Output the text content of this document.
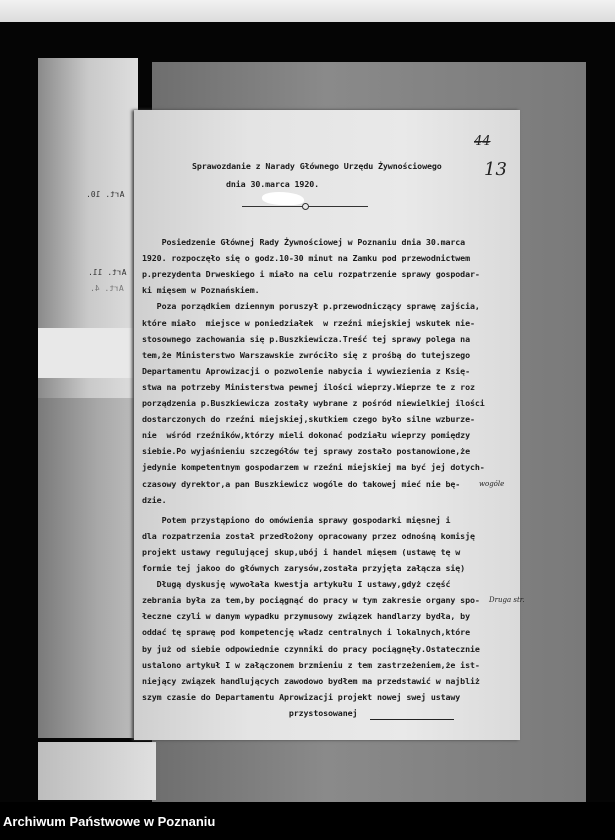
Art. 10.
Art. 11.
Art. 4.
44
13
Sprawozdanie z Narady Głównego Urzędu Żywnościowego
dnia 30.marca 1920.
Posiedzenie Głównej Rady Żywnościowej w Poznaniu dnia 30.marca
1920. rozpoczęło się o godz.10-30 minut na Zamku pod przewodnictwem
p.prezydenta Drweskiego i miało na celu rozpatrzenie sprawy gospodar-
ki mięsem w Poznańskiem.
Poza porządkiem dziennym poruszył p.przewodniczący sprawę zajścia,
które miało  miejsce w poniedziałek  w rzeźni miejskiej wskutek nie-
stosownego zachowania się p.Buszkiewicza.Treść tej sprawy polega na
tem,że Ministerstwo Warszawskie zwróciło się z prośbą do tutejszego
Departamentu Aprowizacji o pozwolenie nabycia i wywiezienia z Księ-
stwa na potrzeby Ministerstwa pewnej ilości wieprzy.Wieprze te z roz
porządzenia p.Buszkiewicza zostały wybrane z pośród niewielkiej ilości
dostarczonych do rzeźni miejskiej,skutkiem czego było silne wzburze-
nie  wśród rzeźników,którzy mieli dokonać podziału wieprzy pomiędzy
siebie.Po wyjaśnieniu szczegółów tej sprawy zostało postanowione,że
jedynie kompetentnym gospodarzem w rzeźni miejskiej ma być jej dotych-
czasowy dyrektor,a pan Buszkiewicz wogóle do takowej mieć nie bę-
dzie.
Potem przystąpiono do omówienia sprawy gospodarki mięsnej i
dla rozpatrzenia został przedłożony opracowany przez odnośną komisję
projekt ustawy regulującej skup,ubój i handel mięsem (ustawę tę w
formie tej jakoo do głównych zarysów,została przyjęta załącza się)
Długą dyskusję wywołała kwestja artykułu I ustawy,gdyż część
zebrania była za tem,by pociągnąć do pracy w tym zakresie organy spo-
łeczne czyli w danym wypadku przymusowy związek handlarzy bydła, by
oddać tę sprawę pod kompetencję władz centralnych i lokalnych,które
by już od siebie odpowiednie czynniki do pracy pociągnęły.Ostatecznie
ustalono artykuł I w załączonem brzmieniu z tem zastrzeżeniem,że ist-
niejący związek handlujących zawodowo bydłem ma przedstawić w najbliż
szym czasie do Departamentu Aprowizacji projekt nowej swej ustawy
przystosowanej
wogóle
Druga str.
Archiwum Państwowe w Poznaniu
